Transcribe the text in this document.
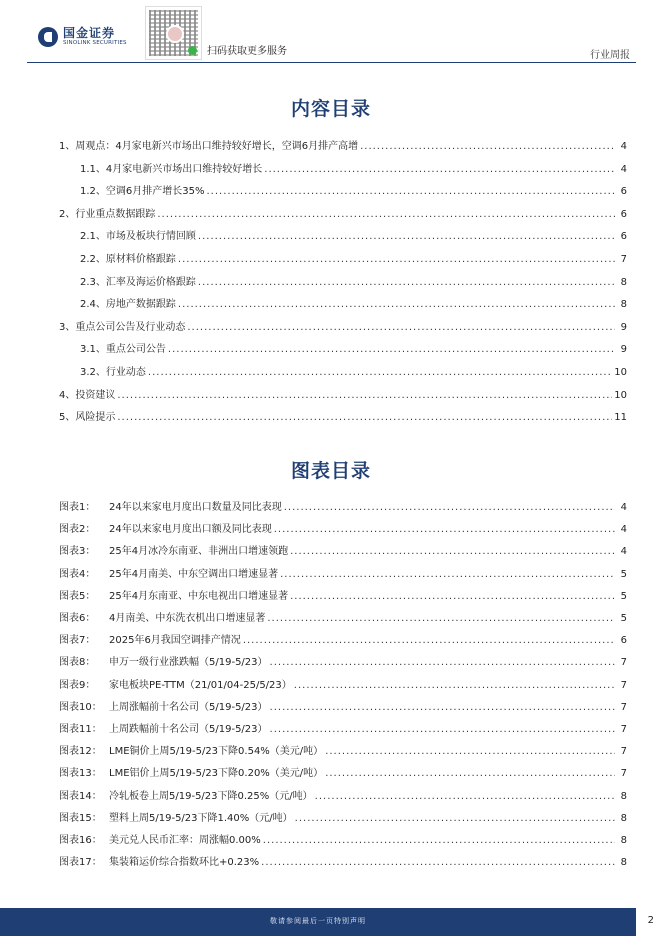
国金证券
SINOLINK SECURITIES
扫码获取更多服务	行业周报
内容目录
1、周观点：4月家电新兴市场出口维持较好增长，空调6月排产高增 .....	4
1.1、4月家电新兴市场出口维持较好增长 .....	4
1.2、空调6月排产增长35% .....	6
2、行业重点数据跟踪 .....	6
2.1、市场及板块行情回顾 .....	6
2.2、原材料价格跟踪 .....	7
2.3、汇率及海运价格跟踪 .....	8
2.4、房地产数据跟踪 .....	8
3、重点公司公告及行业动态 .....	9
3.1、重点公司公告 .....	9
3.2、行业动态 .....	10
4、投资建议 .....	10
5、风险提示 .....	11
图表目录
图表1： 24年以来家电月度出口数量及同比表现 .....	4
图表2： 24年以来家电月度出口额及同比表现 .....	4
图表3： 25年4月冰冷东南亚、非洲出口增速领跑 .....	4
图表4： 25年4月南美、中东空调出口增速显著 .....	5
图表5： 25年4月东南亚、中东电视出口增速显著 .....	5
图表6： 4月南美、中东洗衣机出口增速显著 .....	5
图表7： 2025年6月我国空调排产情况 .....	6
图表8： 申万一级行业涨跌幅（5/19-5/23） .....	7
图表9： 家电板块PE-TTM（21/01/04-25/5/23） .....	7
图表10： 上周涨幅前十名公司（5/19-5/23） .....	7
图表11： 上周跌幅前十名公司（5/19-5/23） .....	7
图表12： LME铜价上周5/19-5/23下降0.54%（美元/吨） .....	7
图表13： LME铝价上周5/19-5/23下降0.20%（美元/吨） .....	7
图表14： 冷轧板卷上周5/19-5/23下降0.25%（元/吨） .....	8
图表15： 塑料上周5/19-5/23下降1.40%（元/吨） .....	8
图表16： 美元兑人民币汇率：周涨幅0.00% .....	8
图表17： 集装箱运价综合指数环比+0.23% .....	8
敬请参阅最后一页特别声明	2
